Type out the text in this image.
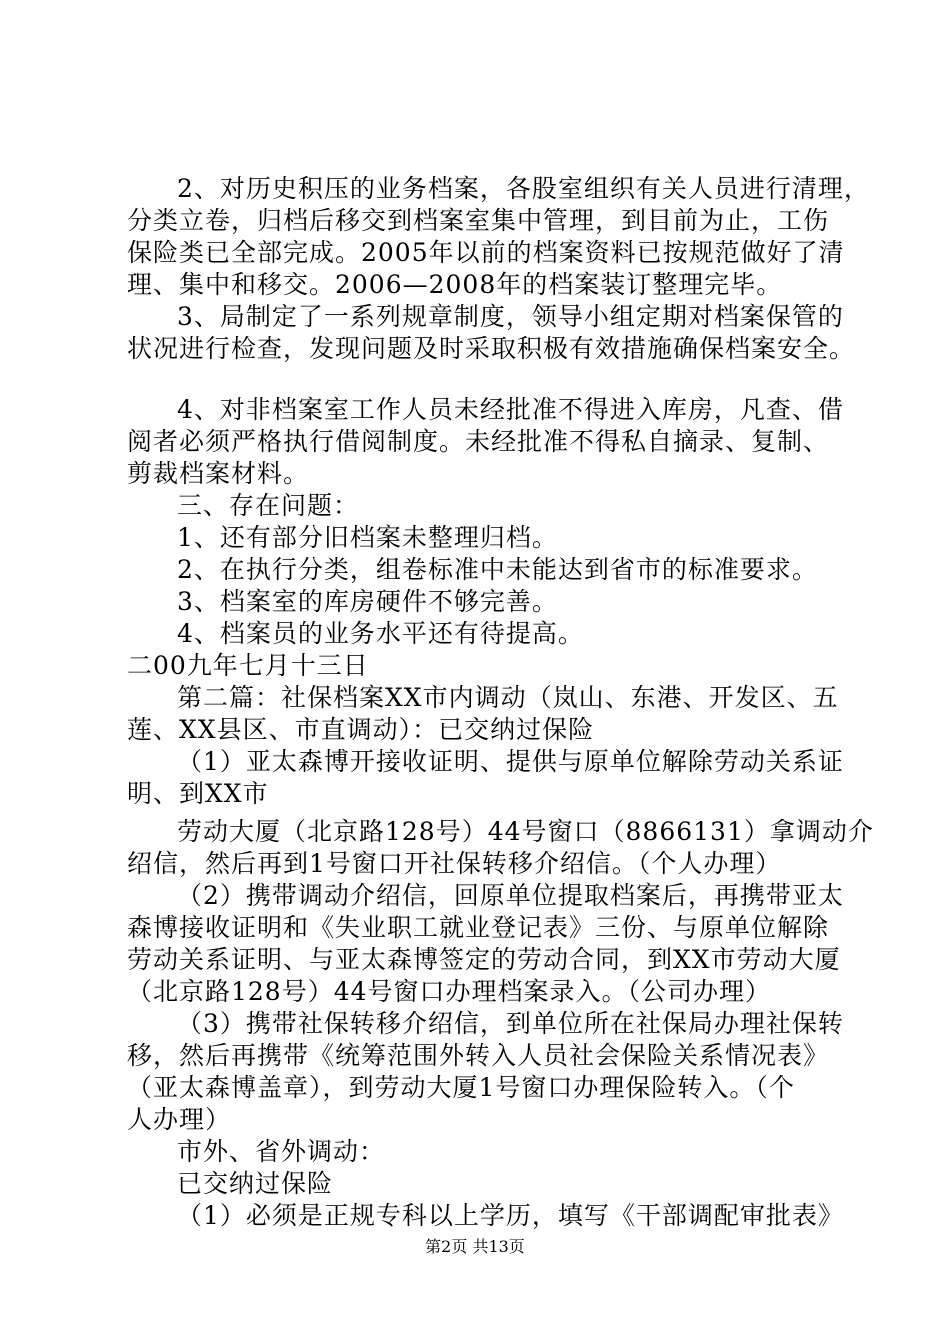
2、对历史积压的业务档案，各股室组织有关人员进行清理，
分类立卷，归档后移交到档案室集中管理，到目前为止，工伤
保险类已全部完成。2005年以前的档案资料已按规范做好了清
理、集中和移交。2006—2008年的档案装订整理完毕。
3、局制定了一系列规章制度，领导小组定期对档案保管的
状况进行检查，发现问题及时采取积极有效措施确保档案安全。
4、对非档案室工作人员未经批准不得进入库房，凡查、借
阅者必须严格执行借阅制度。未经批准不得私自摘录、复制、
剪裁档案材料。
三、存在问题：
1、还有部分旧档案未整理归档。
2、在执行分类，组卷标准中未能达到省市的标准要求。
3、档案室的库房硬件不够完善。
4、档案员的业务水平还有待提高。
二00九年七月十三日
第二篇：社保档案XX市内调动（岚山、东港、开发区、五
莲、XX县区、市直调动）：已交纳过保险
（1）亚太森博开接收证明、提供与原单位解除劳动关系证
明、到XX市
劳动大厦（北京路128号）44号窗口（8866131）拿调动介
绍信，然后再到1号窗口开社保转移介绍信。（个人办理）
（2）携带调动介绍信，回原单位提取档案后，再携带亚太
森博接收证明和《失业职工就业登记表》三份、与原单位解除
劳动关系证明、与亚太森博签定的劳动合同，到XX市劳动大厦
（北京路128号）44号窗口办理档案录入。（公司办理）
（3）携带社保转移介绍信，到单位所在社保局办理社保转
移，然后再携带《统筹范围外转入人员社会保险关系情况表》
（亚太森博盖章），到劳动大厦1号窗口办理保险转入。（个
人办理）
市外、省外调动：
已交纳过保险
（1）必须是正规专科以上学历，填写《干部调配审批表》
第2页 共13页
